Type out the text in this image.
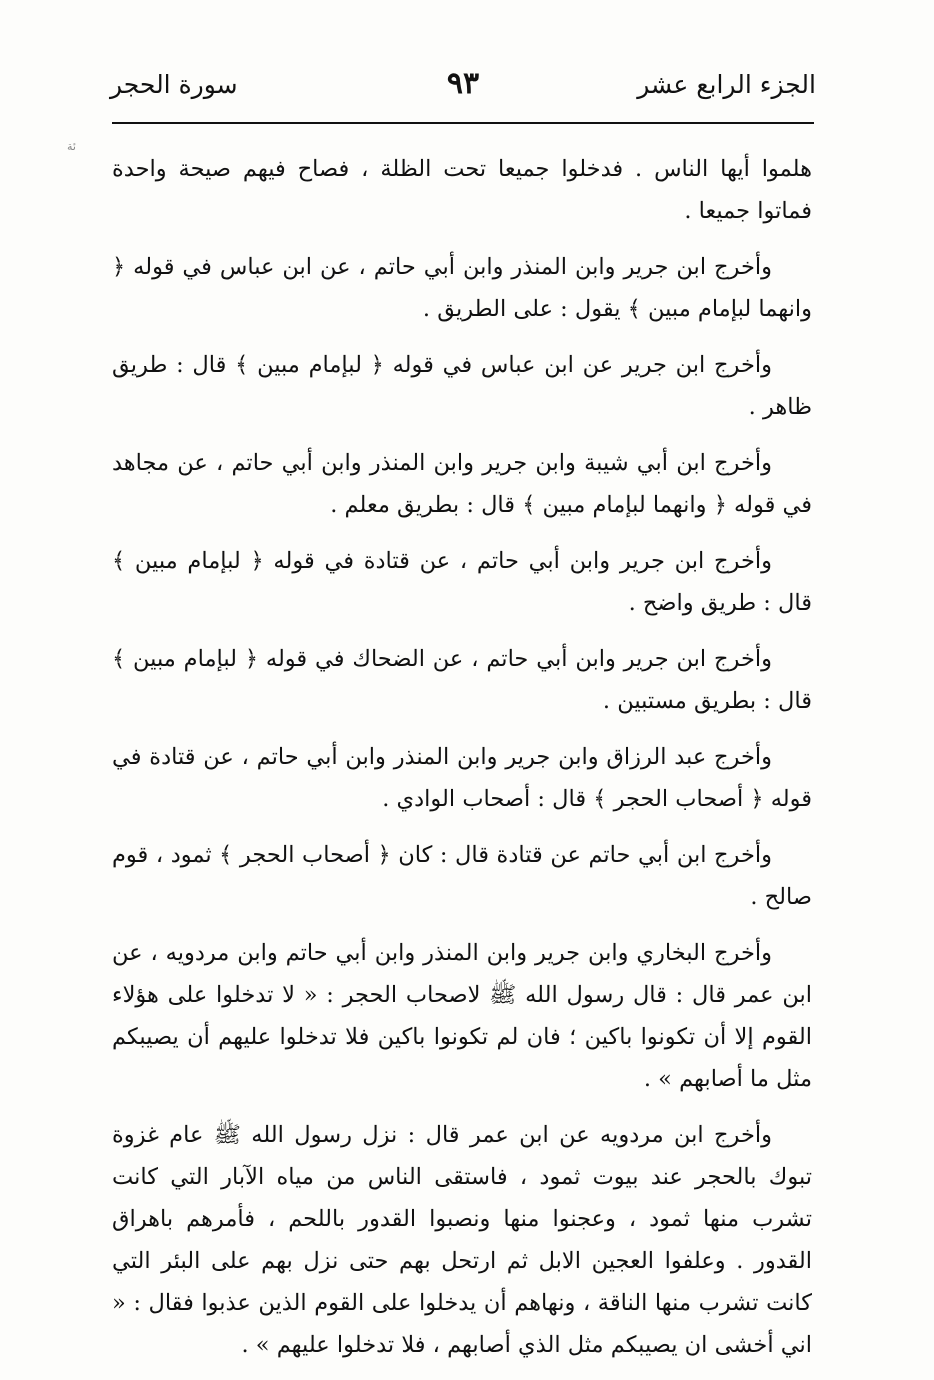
الجزء الرابع عشر
٩٣
سورة الحجر
ئة

هلموا أيها الناس . فدخلوا جميعا تحت الظلة ، فصاح فيهم صيحة واحدة فماتوا جميعا .

وأخرج ابن جرير وابن المنذر وابن أبي حاتم ، عن ابن عباس في قوله ﴿ وانهما لبإمام مبين ﴾ يقول : على الطريق .

وأخرج ابن جرير عن ابن عباس في قوله ﴿ لبإمام مبين ﴾ قال : طريق ظاهر .

وأخرج ابن أبي شيبة وابن جرير وابن المنذر وابن أبي حاتم ، عن مجاهد في قوله ﴿ وانهما لبإمام مبين ﴾ قال : بطريق معلم .

وأخرج ابن جرير وابن أبي حاتم ، عن قتادة في قوله ﴿ لبإمام مبين ﴾ قال : طريق واضح .

وأخرج ابن جرير وابن أبي حاتم ، عن الضحاك في قوله ﴿ لبإمام مبين ﴾ قال : بطريق مستبين .

وأخرج عبد الرزاق وابن جرير وابن المنذر وابن أبي حاتم ، عن قتادة في قوله ﴿ أصحاب الحجر ﴾ قال : أصحاب الوادي .

وأخرج ابن أبي حاتم عن قتادة قال : كان ﴿ أصحاب الحجر ﴾ ثمود ، قوم صالح .

وأخرج البخاري وابن جرير وابن المنذر وابن أبي حاتم وابن مردويه ، عن ابن عمر قال : قال رسول الله ﷺ لاصحاب الحجر : « لا تدخلوا على هؤلاء القوم إلا أن تكونوا باكين ؛ فان لم تكونوا باكين فلا تدخلوا عليهم أن يصيبكم مثل ما أصابهم » .

وأخرج ابن مردويه عن ابن عمر قال : نزل رسول الله ﷺ عام غزوة تبوك بالحجر عند بيوت ثمود ، فاستقى الناس من مياه الآبار التي كانت تشرب منها ثمود ، وعجنوا منها ونصبوا القدور باللحم ، فأمرهم باهراق القدور . وعلفوا العجين الابل ثم ارتحل بهم حتى نزل بهم على البئر التي كانت تشرب منها الناقة ، ونهاهم أن يدخلوا على القوم الذين عذبوا فقال : « اني أخشى ان يصيبكم مثل الذي أصابهم ، فلا تدخلوا عليهم » .
